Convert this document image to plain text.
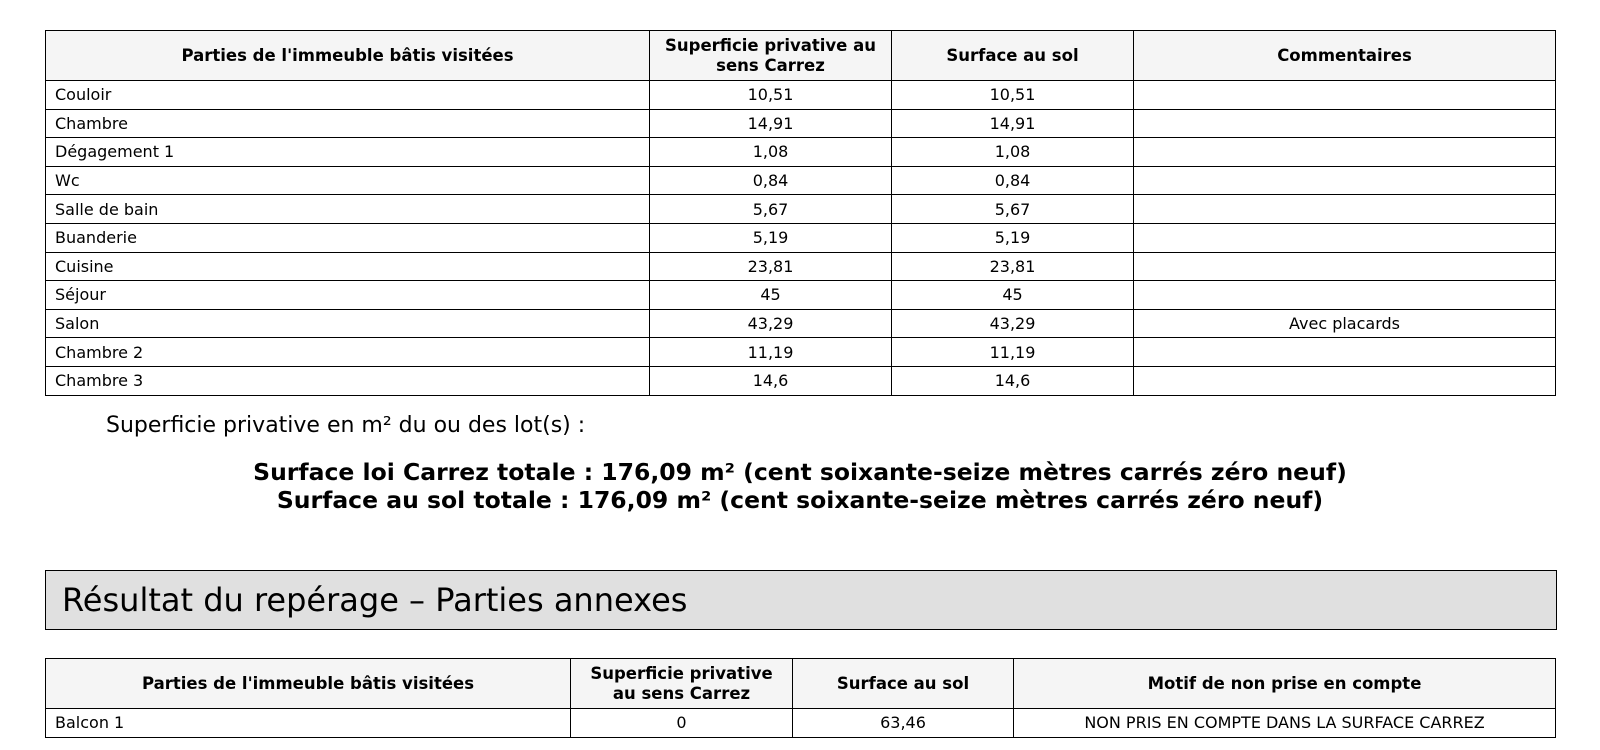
Parties de l'immeuble bâtis visitées	Superficie privative au sens Carrez	Surface au sol	Commentaires
Couloir	10,51	10,51	
Chambre	14,91	14,91	
Dégagement 1	1,08	1,08	
Wc	0,84	0,84	
Salle de bain	5,67	5,67	
Buanderie	5,19	5,19	
Cuisine	23,81	23,81	
Séjour	45	45	
Salon	43,29	43,29	Avec placards
Chambre 2	11,19	11,19	
Chambre 3	14,6	14,6	
Superficie privative en m² du ou des lot(s) :
Surface loi Carrez totale : 176,09 m² (cent soixante-seize mètres carrés zéro neuf)
Surface au sol totale : 176,09 m² (cent soixante-seize mètres carrés zéro neuf)
Résultat du repérage – Parties annexes
Parties de l'immeuble bâtis visitées	Superficie privative au sens Carrez	Surface au sol	Motif de non prise en compte
Balcon 1	0	63,46	NON PRIS EN COMPTE DANS LA SURFACE CARREZ
